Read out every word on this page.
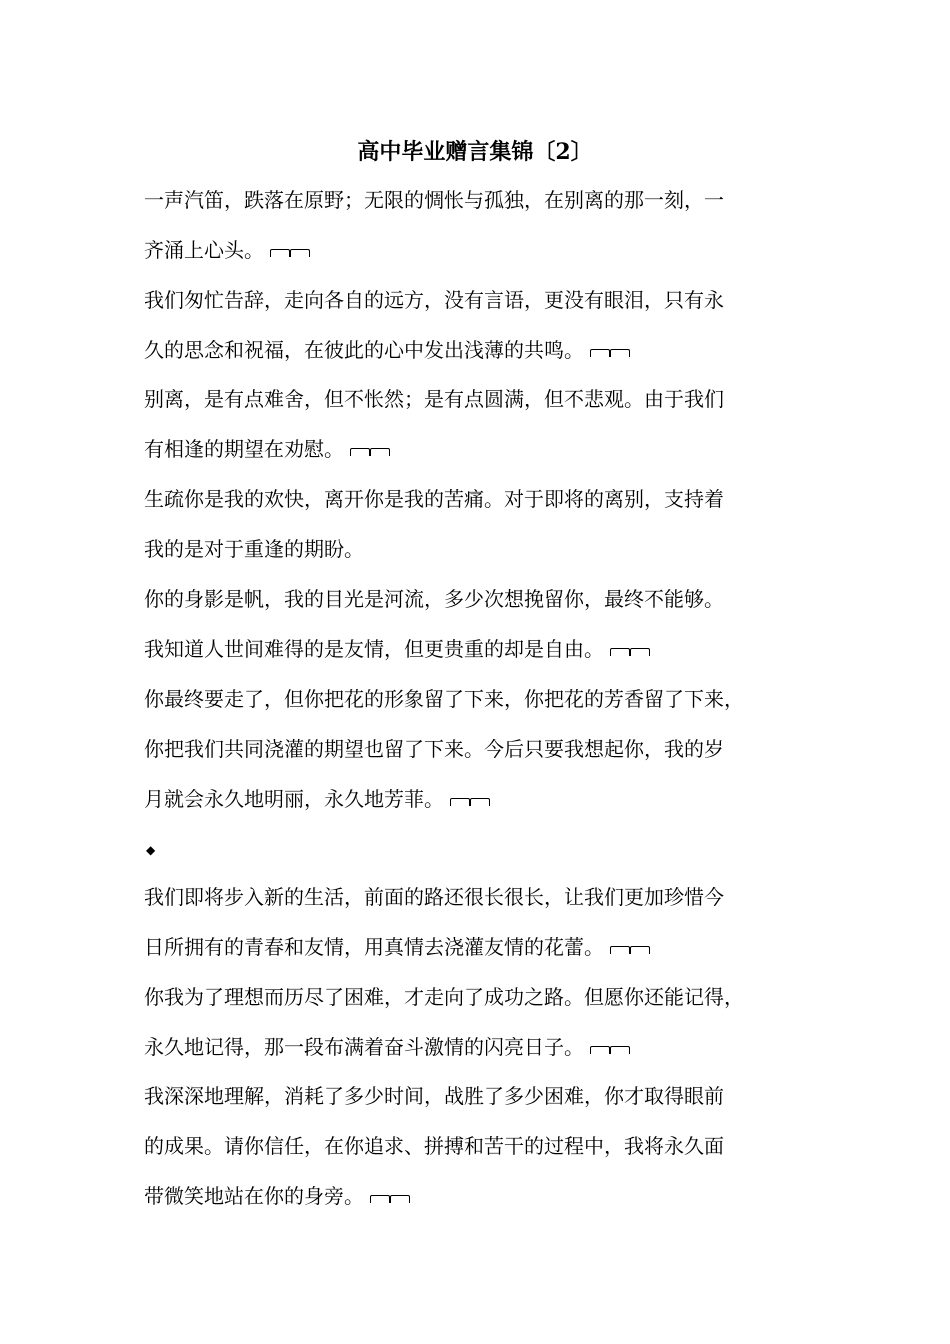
高中毕业赠言集锦〔2〕

一声汽笛，跌落在原野；无限的惆怅与孤独，在别离的那一刻，一

齐涌上心头。

我们匆忙告辞，走向各自的远方，没有言语，更没有眼泪，只有永

久的思念和祝福，在彼此的心中发出浅薄的共鸣。

别离，是有点难舍，但不怅然；是有点圆满，但不悲观。由于我们

有相逢的期望在劝慰。

生疏你是我的欢快，离开你是我的苦痛。对于即将的离别，支持着

我的是对于重逢的期盼。

你的身影是帆，我的目光是河流，多少次想挽留你，最终不能够。

我知道人世间难得的是友情，但更贵重的却是自由。

你最终要走了，但你把花的形象留了下来，你把花的芳香留了下来，

你把我们共同浇灌的期望也留了下来。今后只要我想起你，我的岁

月就会永久地明丽，永久地芳菲。

◆

我们即将步入新的生活，前面的路还很长很长，让我们更加珍惜今

日所拥有的青春和友情，用真情去浇灌友情的花蕾。

你我为了理想而历尽了困难，才走向了成功之路。但愿你还能记得，

永久地记得，那一段布满着奋斗激情的闪亮日子。

我深深地理解，消耗了多少时间，战胜了多少困难，你才取得眼前

的成果。请你信任，在你追求、拼搏和苦干的过程中，我将永久面

带微笑地站在你的身旁。
